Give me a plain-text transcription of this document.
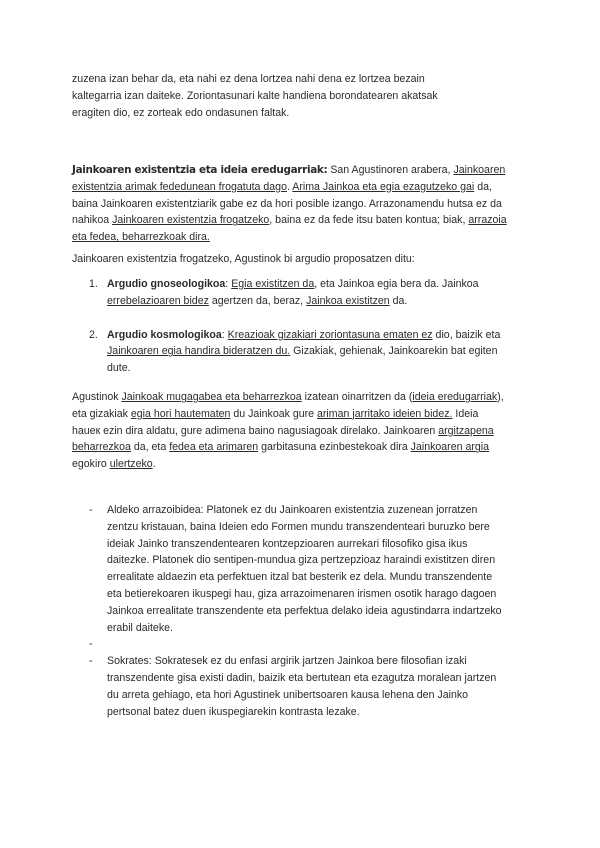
zuzena izan behar da, eta nahi ez dena lortzea nahi dena ez lortzea bezain
kaltegarria izan daiteke. Zoriontasunari kalte handiena borondatearen akatsak
eragiten dio, ez zorteak edo ondasunen faltak.
Jainkoaren existentzia eta ideia eredugarriak: San Agustinoren arabera, Jainkoaren
existentzia arimak fededunean frogatuta dago. Arima Jainkoa eta egia ezagutzeko gai da,
baina Jainkoaren existentziarik gabe ez da hori posible izango. Arrazonamendu hutsa ez da
nahikoa Jainkoaren existentzia frogatzeko, baina ez da fede itsu baten kontua; biak, arrazoia
eta fedea, beharrezkoak dira.
Jainkoaren existentzia frogatzeko, Agustinok bi argudio proposatzen ditu:
1. Argudio gnoseologikoa: Egia existitzen da, eta Jainkoa egia bera da. Jainkoa
errebelazioaren bidez agertzen da, beraz, Jainkoa existitzen da.
2. Argudio kosmologikoa: Kreazioak gizakiari zoriontasuna ematen ez dio, baizik eta
Jainkoaren egia handira bideratzen du. Gizakiak, gehienak, Jainkoarekin bat egiten
dute.
Agustinok Jainkoak mugagabea eta beharrezkoa izatean oinarritzen da (ideia eredugarriak),
eta gizakiak egia hori hautematen du Jainkoak gure ariman jarritako ideien bidez. Ideia
haueк ezin dira aldatu, gure adimena baino nagusiagoak direlako. Jainkoaren argitzapena
beharrezkoa da, eta fedea eta arimaren garbitasuna ezinbestekoak dira Jainkoaren argia
egokiro ulertzeko.
- Aldeko arrazoibidea: Platonek ez du Jainkoaren existentzia zuzenean jorratzen
zentzu kristauan, baina Ideien edo Formen mundu transzendenteari buruzko bere
ideiak Jainko transzendentearen kontzepzioaren aurrekari filosofiko gisa ikus
daitezke. Platonek dio sentipen-mundua giza pertzepzioaz haraindi existitzen diren
errealitate aldaezin eta perfektuen itzal bat besterik ez dela. Mundu transzendente
eta betierekoaren ikuspegi hau, giza arrazoimenaren irismen osotik harago dagoen
Jainkoa errealitate transzendente eta perfektua delako ideia agustindarra indartzeko
erabil daiteke.
-
- Sokrates: Sokratesek ez du enfasi argirik jartzen Jainkoa bere filosofian izaki
transzendente gisa existi dadin, baizik eta bertutean eta ezagutza moralean jartzen
du arreta gehiago, eta hori Agustinek unibertsoaren kausa lehena den Jainko
pertsonal batez duen ikuspegiarekin kontrasta lezake.
